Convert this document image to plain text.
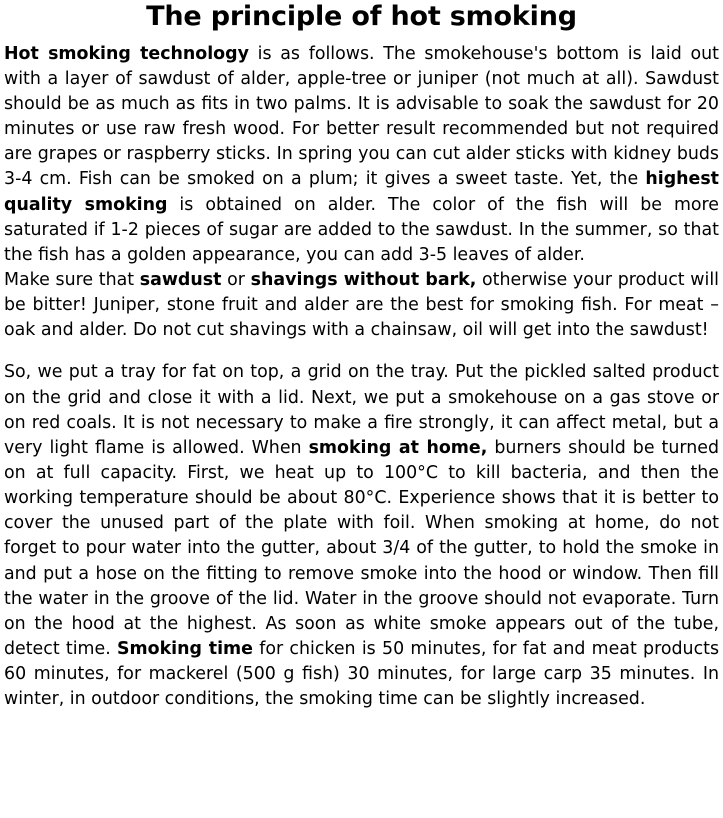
The principle of hot smoking

Hot smoking technology is as follows. The smokehouse's bottom is laid out with a layer of sawdust of alder, apple-tree or juniper (not much at all). Sawdust should be as much as fits in two palms. It is advisable to soak the sawdust for 20 minutes or use raw fresh wood. For better result recommended but not required are grapes or raspberry sticks. In spring you can cut alder sticks with kidney buds 3-4 cm. Fish can be smoked on a plum; it gives a sweet taste. Yet, the highest quality smoking is obtained on alder. The color of the fish will be more saturated if 1-2 pieces of sugar are added to the sawdust. In the summer, so that the fish has a golden appearance, you can add 3-5 leaves of alder.

Make sure that sawdust or shavings without bark, otherwise your product will be bitter! Juniper, stone fruit and alder are the best for smoking fish. For meat – oak and alder. Do not cut shavings with a chainsaw, oil will get into the sawdust!

So, we put a tray for fat on top, a grid on the tray. Put the pickled salted product on the grid and close it with a lid. Next, we put a smokehouse on a gas stove or on red coals. It is not necessary to make a fire strongly, it can affect metal, but a very light flame is allowed. When smoking at home, burners should be turned on at full capacity. First, we heat up to 100°C to kill bacteria, and then the working temperature should be about 80°C. Experience shows that it is better to cover the unused part of the plate with foil. When smoking at home, do not forget to pour water into the gutter, about 3/4 of the gutter, to hold the smoke in and put a hose on the fitting to remove smoke into the hood or window. Then fill the water in the groove of the lid. Water in the groove should not evaporate. Turn on the hood at the highest. As soon as white smoke appears out of the tube, detect time. Smoking time for chicken is 50 minutes, for fat and meat products 60 minutes, for mackerel (500 g fish) 30 minutes, for large carp 35 minutes. In winter, in outdoor conditions, the smoking time can be slightly increased.
